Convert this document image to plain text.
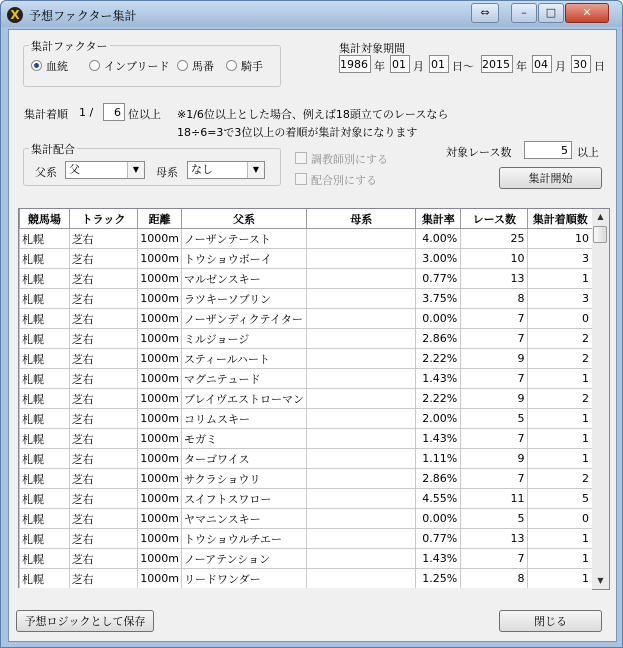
X 予想ファクター集計	⇔	–	□	✕
集計ファクター
血統	インブリード	馬番	騎手
集計対象期間
1986 年 01 月 01 日～ 2015 年 04 月 30 日
集計着順 1 /	6 位以上 ※1/6位以上とした場合、例えば18頭立てのレースなら
18÷6=3で3位以上の着順が集計対象になります
集計配合
父系	父	▼	母系	なし	▼
調教師別にする
配合別にする
対象レース数	5 以上
集計開始
競馬場	トラック	距離	父系	母系	集計率	レース数	集計着順数
札幌	芝右	1000m	ノーザンテースト		4.00%	25	10
札幌	芝右	1000m	トウショウボーイ		3.00%	10	3
札幌	芝右	1000m	マルゼンスキー		0.77%	13	1
札幌	芝右	1000m	ラツキーソブリン		3.75%	8	3
札幌	芝右	1000m	ノーザンディクテイター		0.00%	7	0
札幌	芝右	1000m	ミルジョージ		2.86%	7	2
札幌	芝右	1000m	スティールハート		2.22%	9	2
札幌	芝右	1000m	マグニテュード		1.43%	7	1
札幌	芝右	1000m	ブレイヴエストローマン		2.22%	9	2
札幌	芝右	1000m	コリムスキー		2.00%	5	1
札幌	芝右	1000m	モガミ		1.43%	7	1
札幌	芝右	1000m	ターゴワイス		1.11%	9	1
札幌	芝右	1000m	サクラショウリ		2.86%	7	2
札幌	芝右	1000m	スイフトスワロー		4.55%	11	5
札幌	芝右	1000m	ヤマニンスキー		0.00%	5	0
札幌	芝右	1000m	トウショウルチエー		0.77%	13	1
札幌	芝右	1000m	ノーアテンション		1.43%	7	1
札幌	芝右	1000m	リードワンダー		1.25%	8	1
▲
▼
予想ロジックとして保存	閉じる
